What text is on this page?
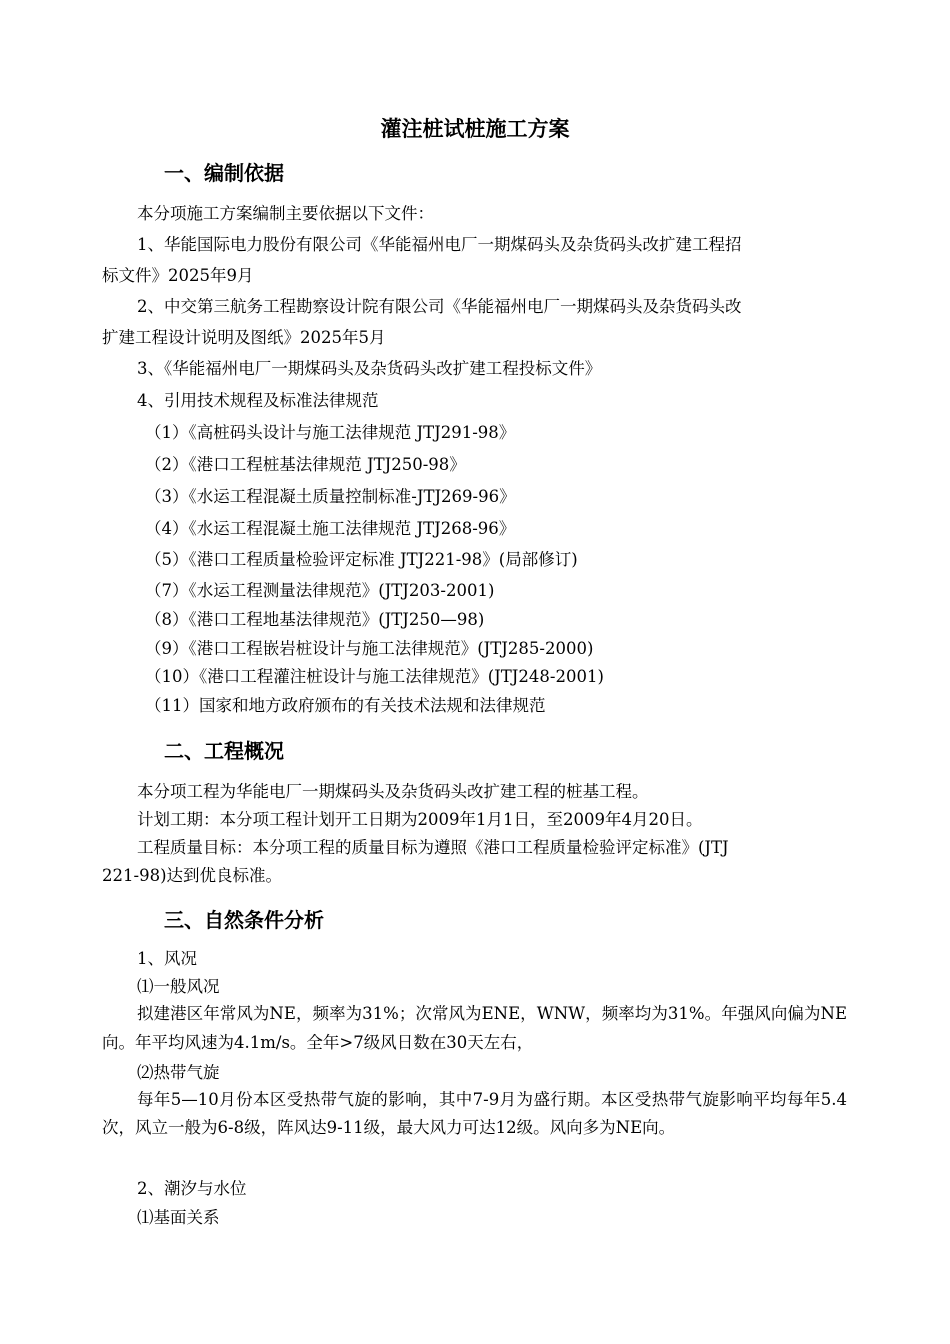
灌注桩试桩施工方案
一、编制依据
本分项施工方案编制主要依据以下文件：
1、华能国际电力股份有限公司《华能福州电厂一期煤码头及杂货码头改扩建工程招
标文件》2025年9月
2、中交第三航务工程勘察设计院有限公司《华能福州电厂一期煤码头及杂货码头改
扩建工程设计说明及图纸》2025年5月
3、《华能福州电厂一期煤码头及杂货码头改扩建工程投标文件》
4、引用技术规程及标准法律规范
（1）《高桩码头设计与施工法律规范 JTJ291-98》
（2）《港口工程桩基法律规范 JTJ250-98》
（3）《水运工程混凝土质量控制标准-JTJ269-96》
（4）《水运工程混凝土施工法律规范 JTJ268-96》
（5）《港口工程质量检验评定标准 JTJ221-98》(局部修订)
（7）《水运工程测量法律规范》(JTJ203-2001)
（8）《港口工程地基法律规范》(JTJ250—98)
（9）《港口工程嵌岩桩设计与施工法律规范》(JTJ285-2000)
（10）《港口工程灌注桩设计与施工法律规范》(JTJ248-2001)
（11）国家和地方政府颁布的有关技术法规和法律规范
二、工程概况
本分项工程为华能电厂一期煤码头及杂货码头改扩建工程的桩基工程。
计划工期：本分项工程计划开工日期为2009年1月1日，至2009年4月20日。
工程质量目标：本分项工程的质量目标为遵照《港口工程质量检验评定标准》(JTJ
221-98)达到优良标准。
三、自然条件分析
1、风况
⑴一般风况
拟建港区年常风为NE，频率为31%；次常风为ENE，WNW，频率均为31%。年强风向偏为NE向。年平均风速为4.1m/s。全年>7级风日数在30天左右，
⑵热带气旋
每年5—10月份本区受热带气旋的影响，其中7-9月为盛行期。本区受热带气旋影响平均每年5.4次，风立一般为6-8级，阵风达9-11级，最大风力可达12级。风向多为NE向。
2、潮汐与水位
⑴基面关系
